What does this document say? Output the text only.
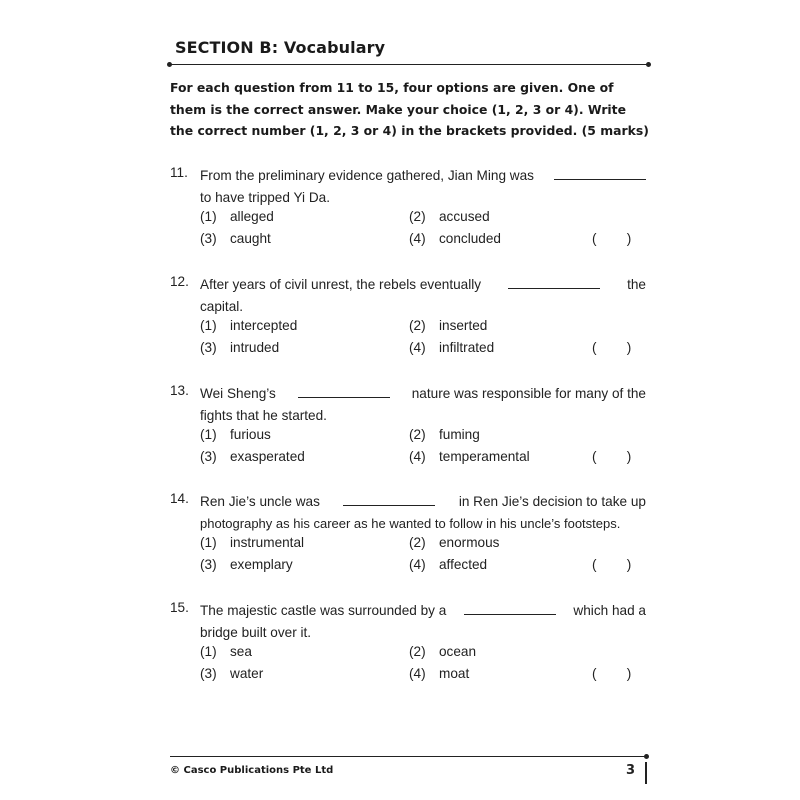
SECTION B: Vocabulary
For each question from 11 to 15, four options are given. One of them is the correct answer. Make your choice (1, 2, 3 or 4). Write the correct number (1, 2, 3 or 4) in the brackets provided. (5 marks)
11. From the preliminary evidence gathered, Jian Ming was
to have tripped Yi Da.
(1) alleged	(2) accused
(3) caught	(4) concluded	(        )
12. After years of civil unrest, the rebels eventually	the
capital.
(1) intercepted	(2) inserted
(3) intruded	(4) infiltrated	(        )
13. Wei Sheng’s	nature was responsible for many of the
fights that he started.
(1) furious	(2) fuming
(3) exasperated	(4) temperamental	(        )
14. Ren Jie’s uncle was	in Ren Jie’s decision to take up
photography as his career as he wanted to follow in his uncle’s footsteps.
(1) instrumental	(2) enormous
(3) exemplary	(4) affected	(        )
15. The majestic castle was surrounded by a	which had a
bridge built over it.
(1) sea	(2) ocean
(3) water	(4) moat	(        )
© Casco Publications Pte Ltd	3
